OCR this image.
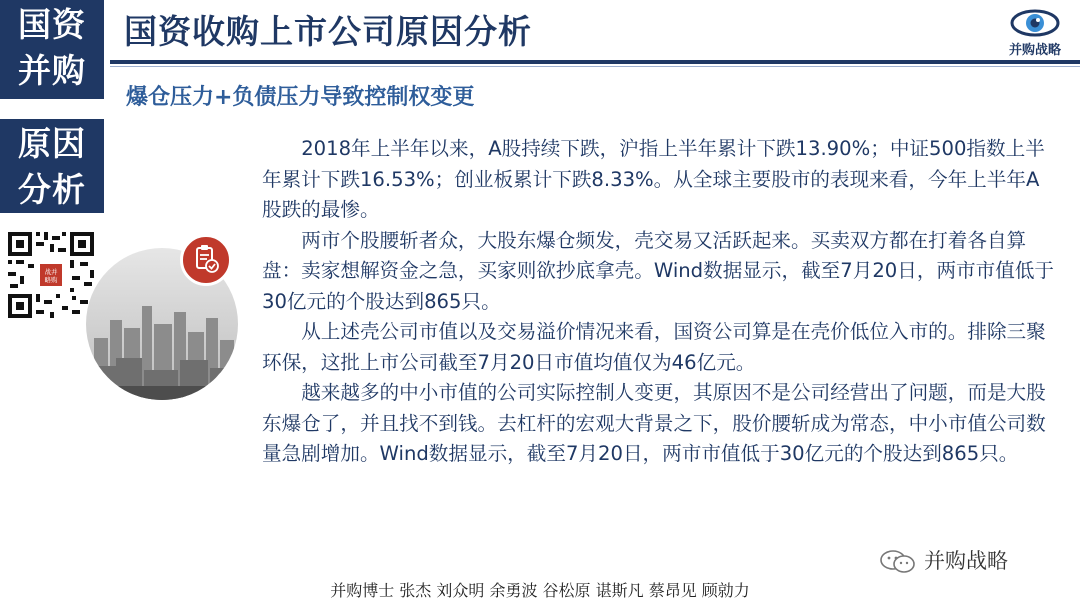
国资
并购
原因
分析
国资收购上市公司原因分析	并购战略
爆仓压力+负债压力导致控制权变更
战并
略购

2018年上半年以来，A股持续下跌，沪指上半年累计下跌13.90%；中证500指数上半年累计下跌16.53%；创业板累计下跌8.33%。从全球主要股市的表现来看，今年上半年A股跌的最惨。

两市个股腰斩者众，大股东爆仓频发，壳交易又活跃起来。买卖双方都在打着各自算盘：卖家想解资金之急，买家则欲抄底拿壳。Wind数据显示，截至7月20日，两市市值低于30亿元的个股达到865只。

从上述壳公司市值以及交易溢价情况来看，国资公司算是在壳价低位入市的。排除三聚环保，这批上市公司截至7月20日市值均值仅为46亿元。

越来越多的中小市值的公司实际控制人变更，其原因不是公司经营出了问题，而是大股东爆仓了，并且找不到钱。去杠杆的宏观大背景之下，股价腰斩成为常态，中小市值公司数量急剧增加。Wind数据显示，截至7月20日，两市市值低于30亿元的个股达到865只。

并购战略
并购博士 张杰 刘众明 余勇波 谷松原 谌斯凡 蔡昂见 顾勍力
